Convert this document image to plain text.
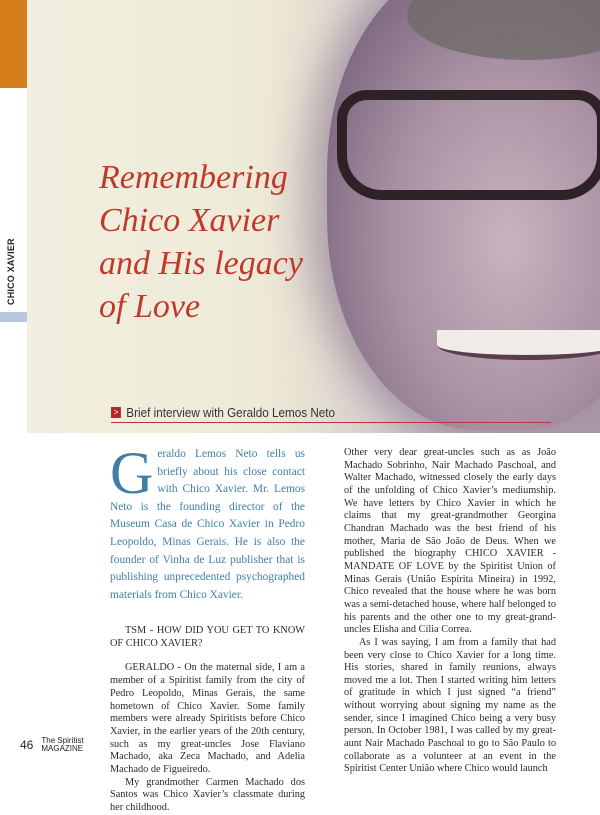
CHICO XAVIER
Remembering
Chico Xavier
and His legacy
of Love
> Brief interview with Geraldo Lemos Neto
Geraldo Lemos Neto tells us briefly about his close contact with Chico Xavier. Mr. Lemos Neto is the founding director of the Museum Casa de Chico Xavier in Pedro Leopoldo, Minas Gerais. He is also the founder of Vinha de Luz publisher that is publishing unprecedented psychographed materials from Chico Xavier.

TSM - HOW DID YOU GET TO KNOW OF CHICO XAVIER?

GERALDO - On the maternal side, I am a member of a Spiritist family from the city of Pedro Leopoldo, Minas Gerais, the same hometown of Chico Xavier. Some family members were already Spiritists before Chico Xavier, in the earlier years of the 20th century, such as my great-uncles Jose Flaviano Machado, aka Zeca Machado, and Adelia Machado de Figueiredo.

My grandmother Carmen Machado dos Santos was Chico Xavier’s classmate during her childhood.

Other very dear great-uncles such as as João Machado Sobrinho, Nair Machado Paschoal, and Walter Machado, witnessed closely the early days of the unfolding of Chico Xavier’s mediumship. We have letters by Chico Xavier in which he claims that my great-grandmother Georgina Chandran Machado was the best friend of his mother, Maria de São João de Deus. When we published the biography CHICO XAVIER - MANDATE OF LOVE by the Spiritist Union of Minas Gerais (União Espírita Mineira) in 1992, Chico revealed that the house where he was born was a semi-detached house, where half belonged to his parents and the other one to my great-grand-uncles Elisha and Cília Correa.

As I was saying, I am from a family that had been very close to Chico Xavier for a long time. His stories, shared in family reunions, always moved me a lot. Then I started writing him letters of gratitude in which I just signed “a friend” without worrying about signing my name as the sender, since I imagined Chico being a very busy person. In October 1981, I was called by my great-aunt Nair Machado Paschoal to go to São Paulo to collaborate as a volunteer at an event in the Spiritist Center União where Chico would launch

46 The Spiritist
MAGAZINE
